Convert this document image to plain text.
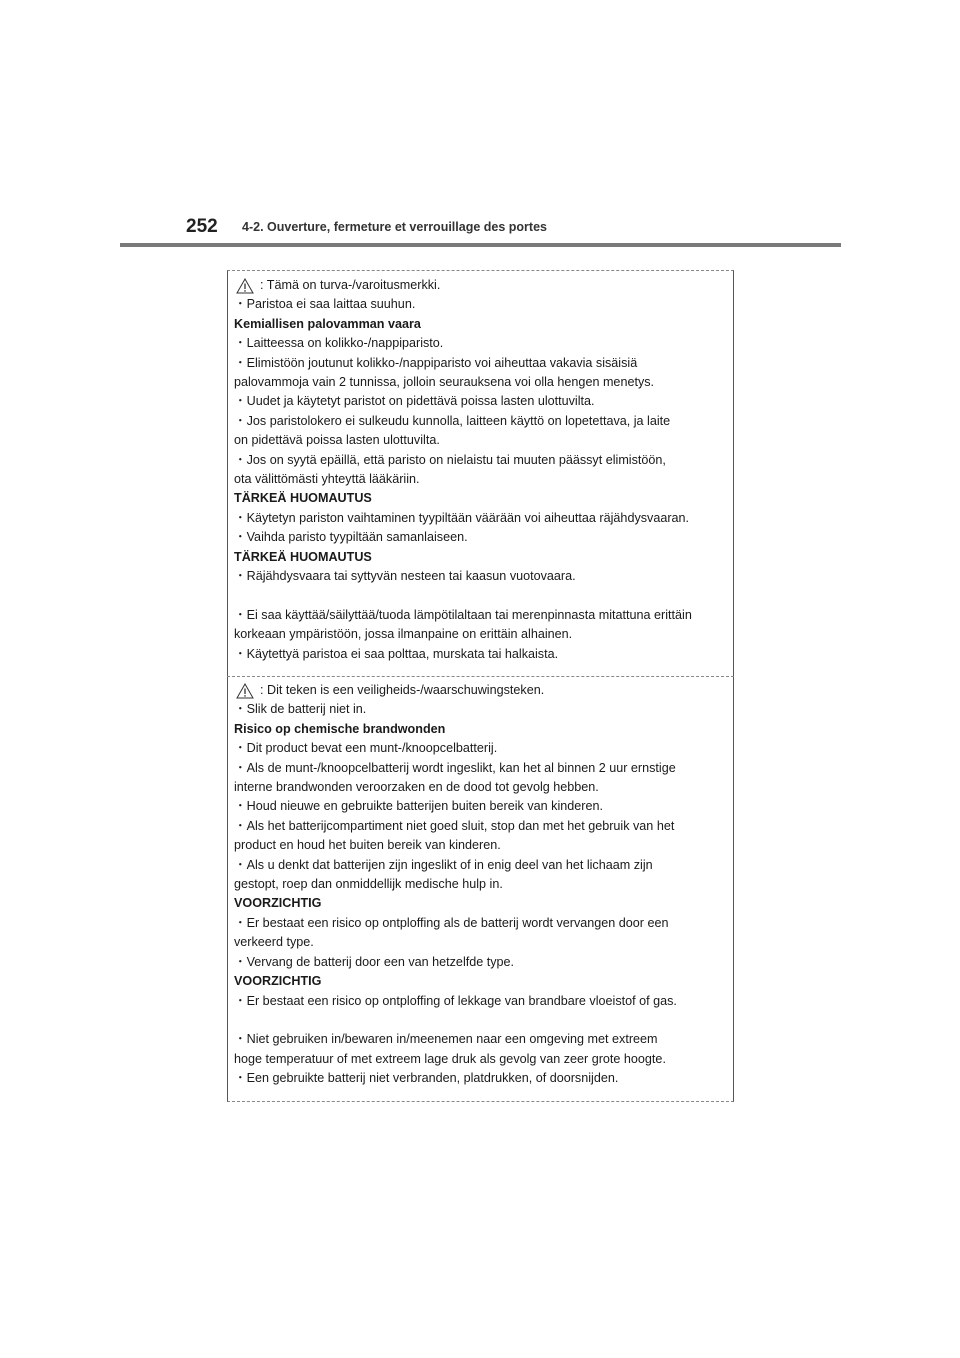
252 4-2. Ouverture, fermeture et verrouillage des portes
: Tämä on turva-/varoitusmerkki.
・Paristoa ei saa laittaa suuhun.
Kemiallisen palovamman vaara
・Laitteessa on kolikko-/nappiparisto.
・Elimistöön joutunut kolikko-/nappiparisto voi aiheuttaa vakavia sisäisiä
palovammoja vain 2 tunnissa, jolloin seurauksena voi olla hengen menetys.
・Uudet ja käytetyt paristot on pidettävä poissa lasten ulottuvilta.
・Jos paristolokero ei sulkeudu kunnolla, laitteen käyttö on lopetettava, ja laite
on pidettävä poissa lasten ulottuvilta.
・Jos on syytä epäillä, että paristo on nielaistu tai muuten päässyt elimistöön,
ota välittömästi yhteyttä lääkäriin.
TÄRKEÄ HUOMAUTUS
・Käytetyn pariston vaihtaminen tyypiltään väärään voi aiheuttaa räjähdysvaaran.
・Vaihda paristo tyypiltään samanlaiseen.
TÄRKEÄ HUOMAUTUS
・Räjähdysvaara tai syttyvän nesteen tai kaasun vuotovaara.
・Ei saa käyttää/säilyttää/tuoda lämpötilaltaan tai merenpinnasta mitattuna erittäin
korkeaan ympäristöön, jossa ilmanpaine on erittäin alhainen.
・Käytettyä paristoa ei saa polttaa, murskata tai halkaista.
: Dit teken is een veiligheids-/waarschuwingsteken.
・Slik de batterij niet in.
Risico op chemische brandwonden
・Dit product bevat een munt-/knoopcelbatterij.
・Als de munt-/knoopcelbatterij wordt ingeslikt, kan het al binnen 2 uur ernstige
interne brandwonden veroorzaken en de dood tot gevolg hebben.
・Houd nieuwe en gebruikte batterijen buiten bereik van kinderen.
・Als het batterijcompartiment niet goed sluit, stop dan met het gebruik van het
product en houd het buiten bereik van kinderen.
・Als u denkt dat batterijen zijn ingeslikt of in enig deel van het lichaam zijn
gestopt, roep dan onmiddellijk medische hulp in.
VOORZICHTIG
・Er bestaat een risico op ontploffing als de batterij wordt vervangen door een
verkeerd type.
・Vervang de batterij door een van hetzelfde type.
VOORZICHTIG
・Er bestaat een risico op ontploffing of lekkage van brandbare vloeistof of gas.
・Niet gebruiken in/bewaren in/meenemen naar een omgeving met extreem
hoge temperatuur of met extreem lage druk als gevolg van zeer grote hoogte.
・Een gebruikte batterij niet verbranden, platdrukken, of doorsnijden.
